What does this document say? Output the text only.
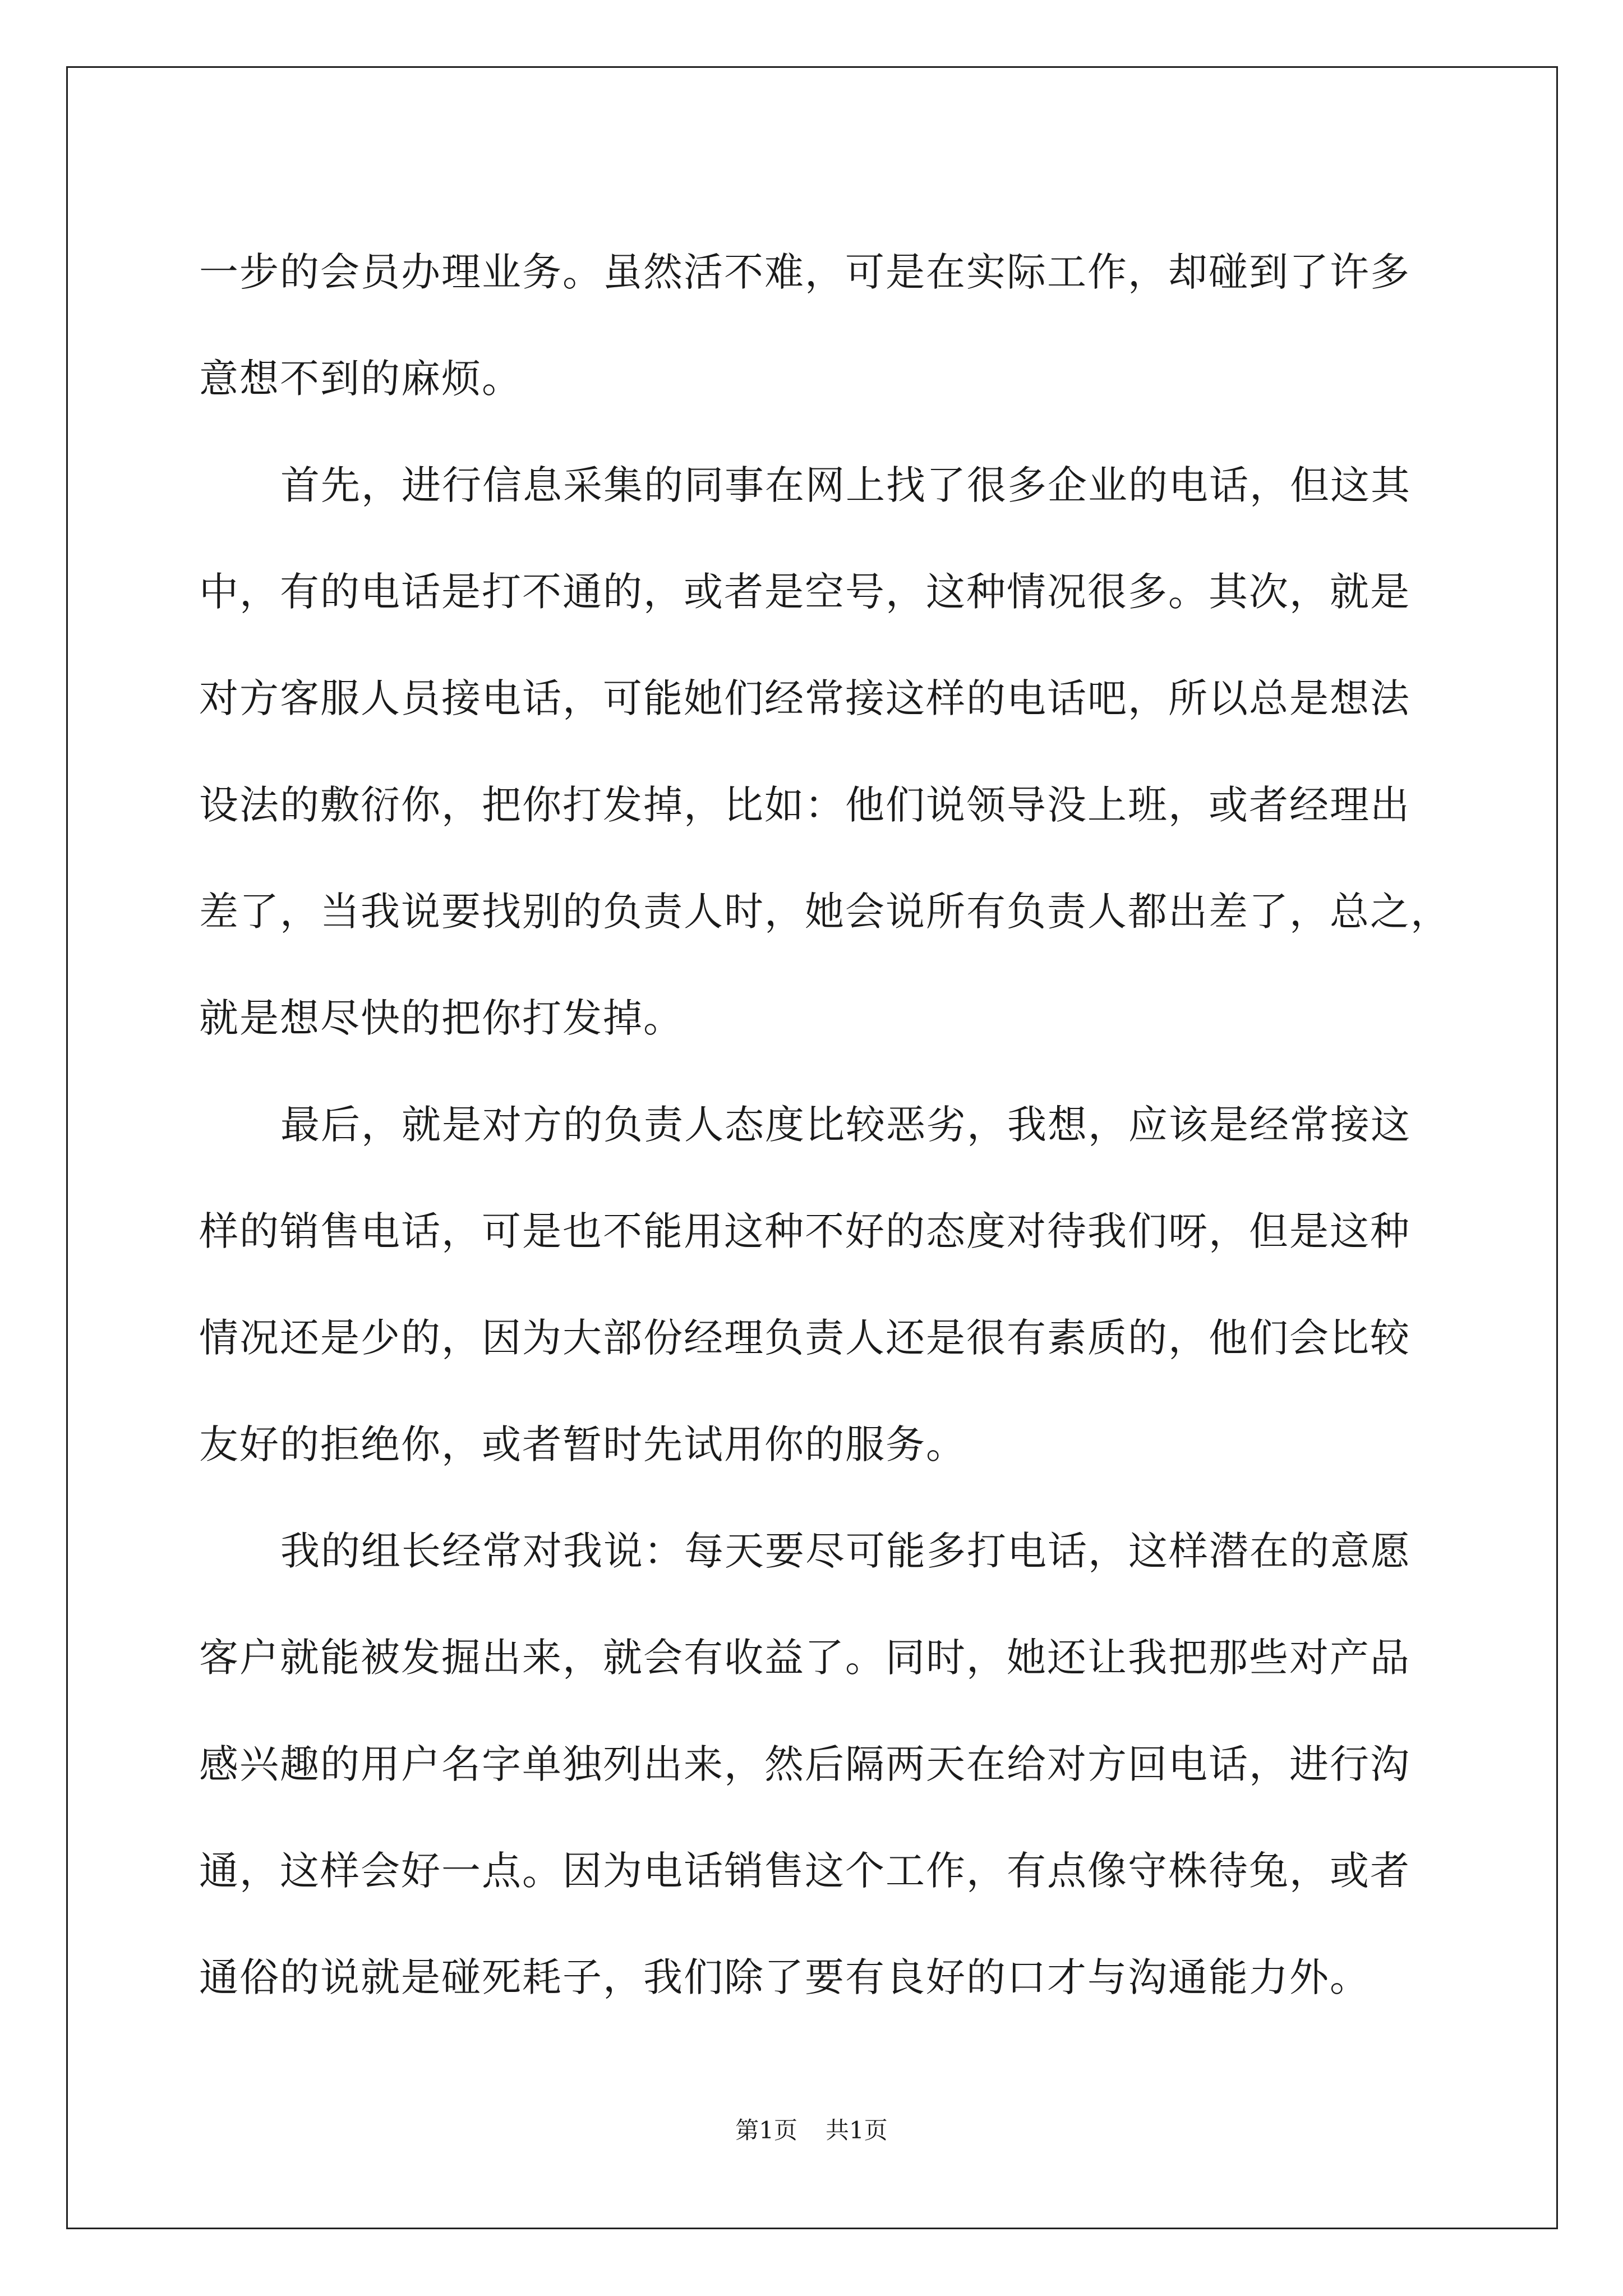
一步的会员办理业务。虽然活不难，可是在实际工作，却碰到了许多
意想不到的麻烦。
首先，进行信息采集的同事在网上找了很多企业的电话，但这其
中，有的电话是打不通的，或者是空号，这种情况很多。其次，就是
对方客服人员接电话，可能她们经常接这样的电话吧，所以总是想法
设法的敷衍你，把你打发掉，比如：他们说领导没上班，或者经理出
差了，当我说要找别的负责人时，她会说所有负责人都出差了，总之，
就是想尽快的把你打发掉。
最后，就是对方的负责人态度比较恶劣，我想，应该是经常接这
样的销售电话，可是也不能用这种不好的态度对待我们呀，但是这种
情况还是少的，因为大部份经理负责人还是很有素质的，他们会比较
友好的拒绝你，或者暂时先试用你的服务。
我的组长经常对我说：每天要尽可能多打电话，这样潜在的意愿
客户就能被发掘出来，就会有收益了。同时，她还让我把那些对产品
感兴趣的用户名字单独列出来，然后隔两天在给对方回电话，进行沟
通，这样会好一点。因为电话销售这个工作，有点像守株待兔，或者
通俗的说就是碰死耗子，我们除了要有良好的口才与沟通能力外。
第1页 共1页
